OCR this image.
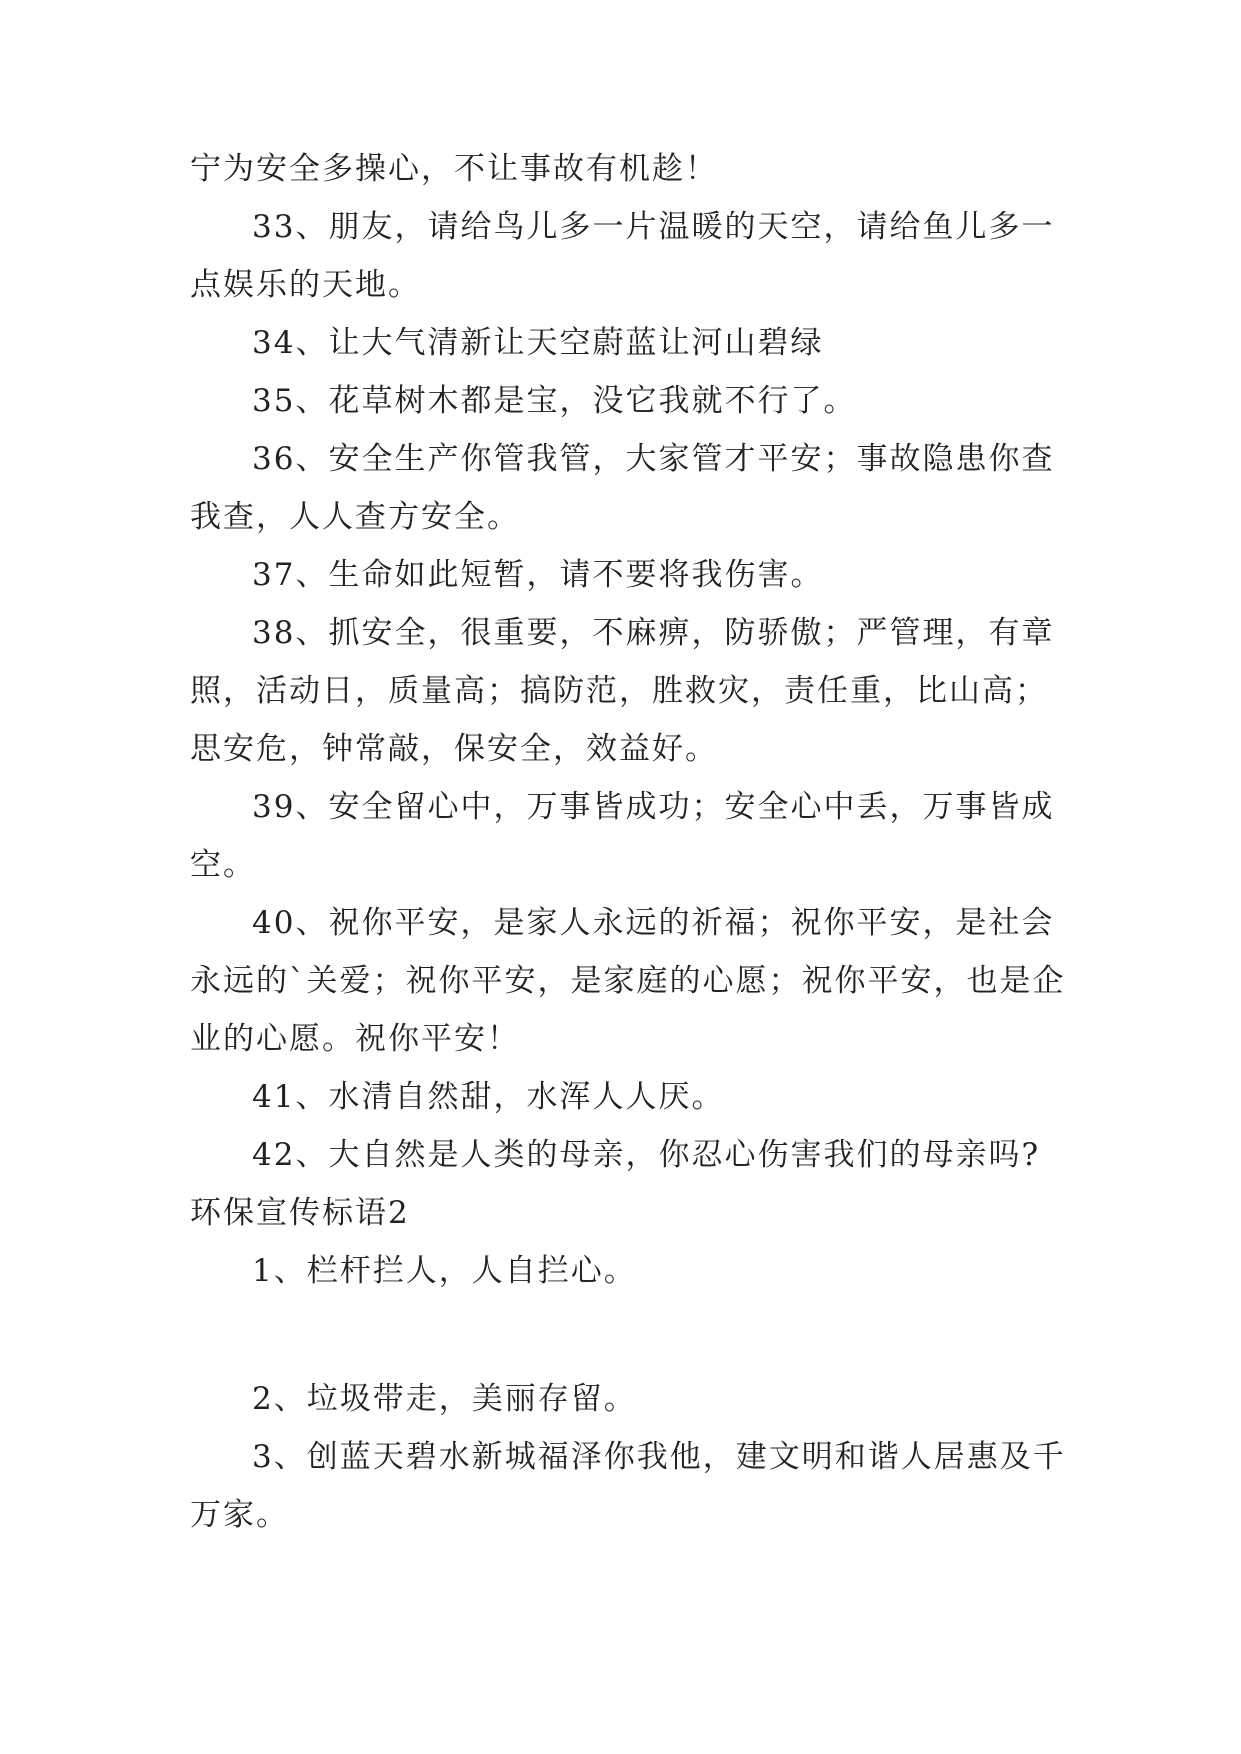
宁为安全多操心，不让事故有机趁！

33、朋友，请给鸟儿多一片温暖的天空，请给鱼儿多一点娱乐的天地。

34、让大气清新让天空蔚蓝让河山碧绿

35、花草树木都是宝，没它我就不行了。

36、安全生产你管我管，大家管才平安；事故隐患你查我查，人人查方安全。

37、生命如此短暂，请不要将我伤害。

38、抓安全，很重要，不麻痹，防骄傲；严管理，有章照，活动日，质量高；搞防范，胜救灾，责任重，比山高；思安危，钟常敲，保安全，效益好。

39、安全留心中，万事皆成功；安全心中丢，万事皆成空。

40、祝你平安，是家人永远的祈福；祝你平安，是社会永远的`关爱；祝你平安，是家庭的心愿；祝你平安，也是企业的心愿。祝你平安！

41、水清自然甜，水浑人人厌。

42、大自然是人类的母亲，你忍心伤害我们的母亲吗?

环保宣传标语2

1、栏杆拦人，人自拦心。

2、垃圾带走，美丽存留。

3、创蓝天碧水新城福泽你我他，建文明和谐人居惠及千万家。
